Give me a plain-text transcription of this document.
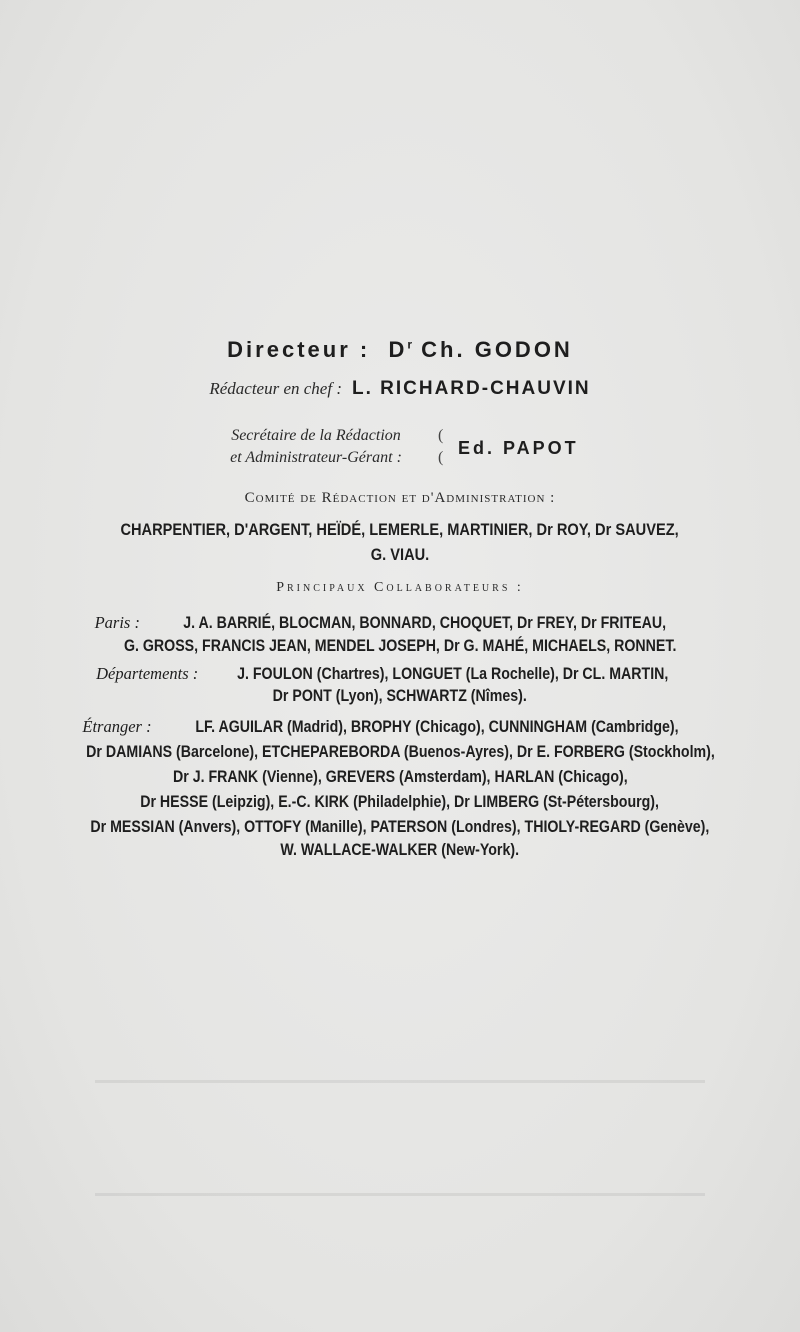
Directeur : $D^r$ Ch. GODON
Rédacteur en chef : L. RICHARD-CHAUVIN
Secrétaire de la Rédaction
et Administrateur-Gérant :
(
( Ed. PAPOT
Comité de Rédaction et d'Administration :
CHARPENTIER, D'ARGENT, HEÏDÉ, LEMERLE, MARTINIER, Dr ROY, Dr SAUVEZ,
G. VIAU.
Principaux Collaborateurs :
Paris :	J. A. BARRIÉ, BLOCMAN, BONNARD, CHOQUET, Dr FREY, Dr FRITEAU,
G. GROSS, FRANCIS JEAN, MENDEL JOSEPH, Dr G. MAHÉ, MICHAELS, RONNET.
Départements : J. FOULON (Chartres), LONGUET (La Rochelle), Dr CL. MARTIN,
Dr PONT (Lyon), SCHWARTZ (Nîmes).
Étranger :	LF. AGUILAR (Madrid), BROPHY (Chicago), CUNNINGHAM (Cambridge),
Dr DAMIANS (Barcelone), ETCHEPAREBORDA (Buenos-Ayres), Dr E. FORBERG (Stockholm),
Dr J. FRANK (Vienne), GREVERS (Amsterdam), HARLAN (Chicago),
Dr HESSE (Leipzig), E.-C. KIRK (Philadelphie), Dr LIMBERG (St-Pétersbourg),
Dr MESSIAN (Anvers), OTTOFY (Manille), PATERSON (Londres), THIOLY-REGARD (Genève),
W. WALLACE-WALKER (New-York).
